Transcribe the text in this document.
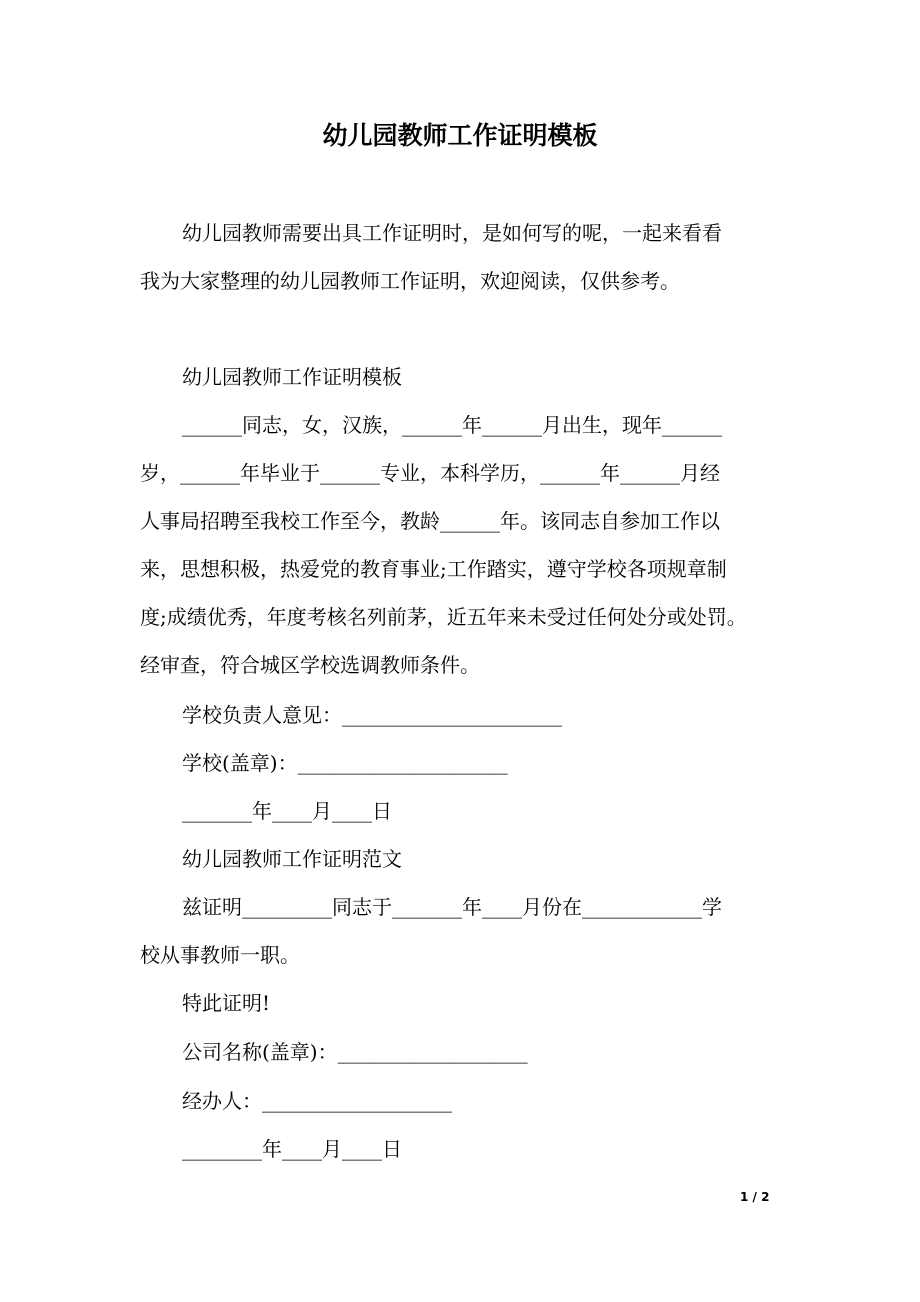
幼儿园教师工作证明模板
幼儿园教师需要出具工作证明时，是如何写的呢，一起来看看
我为大家整理的幼儿园教师工作证明，欢迎阅读，仅供参考。
幼儿园教师工作证明模板
______同志，女，汉族，______年______月出生，现年______
岁，______年毕业于______专业，本科学历，______年______月经
人事局招聘至我校工作至今，教龄______年。该同志自参加工作以
来，思想积极，热爱党的教育事业;工作踏实，遵守学校各项规章制
度;成绩优秀，年度考核名列前茅，近五年来未受过任何处分或处罚。
经审查，符合城区学校选调教师条件。
学校负责人意见：______________________
学校(盖章)：_____________________
_______年____月____日
幼儿园教师工作证明范文
兹证明_________同志于_______年____月份在____________学
校从事教师一职。
特此证明!
公司名称(盖章)：___________________
经办人：___________________
________年____月____日
1 / 2
